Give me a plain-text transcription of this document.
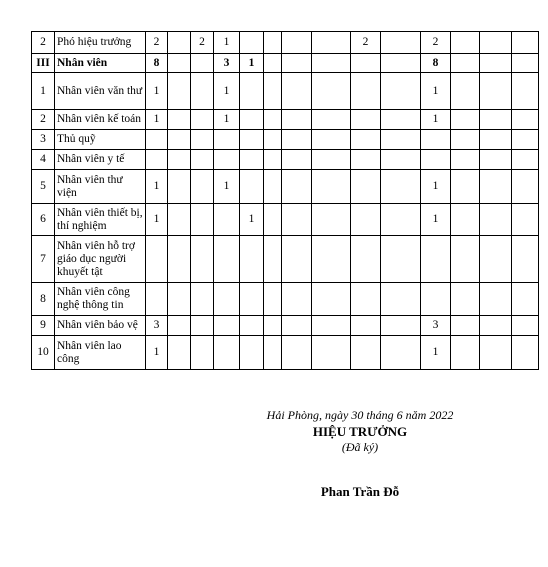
2	Phó hiệu trưởng	2		2	1					2		2			
III	Nhân viên	8			3	1						8			
1	Nhân viên văn thư	1			1							1			
2	Nhân viên kế toán	1			1							1			
3	Thủ quỹ														
4	Nhân viên y tế														
5	Nhân viên thư viện	1			1							1			
6	Nhân viên thiết bị, thí nghiệm	1				1						1			
7	Nhân viên hỗ trợ giáo dục người khuyết tật														
8	Nhân viên công nghệ thông tin														
9	Nhân viên bảo vệ	3										3			
10	Nhân viên lao công	1										1			
Hải Phòng, ngày 30 tháng 6 năm 2022
HIỆU TRƯỞNG
(Đã ký)
Phan Trần Đỗ
